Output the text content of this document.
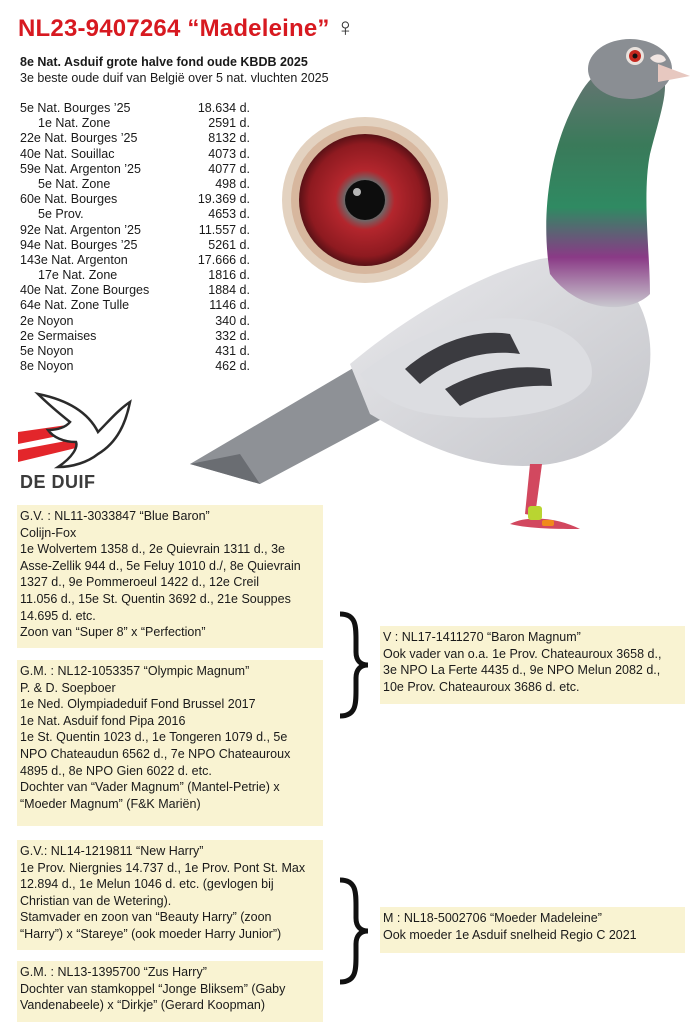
NL23-9407264 “Madeleine” ♀
8e Nat. Asduif grote halve fond oude KBDB 2025
3e beste oude duif van België over 5 nat. vluchten 2025
5e Nat. Bourges ’25	18.634 d.
1e Nat. Zone	2591 d.
22e Nat. Bourges ’25	8132 d.
40e Nat. Souillac	4073 d.
59e Nat. Argenton ’25	4077 d.
5e Nat. Zone	498 d.
60e Nat. Bourges	19.369 d.
5e Prov.	4653 d.
92e Nat. Argenton ’25	11.557 d.
94e Nat. Bourges ’25	5261 d.
143e Nat. Argenton	17.666 d.
17e Nat. Zone	1816 d.
40e Nat. Zone Bourges	1884 d.
64e Nat. Zone Tulle	1146 d.
2e Noyon	340 d.
2e Sermaises	332 d.
5e Noyon	431 d.
8e Noyon	462 d.
DE DUIF
G.V. : NL11-3033847 “Blue Baron”
Colijn-Fox
1e Wolvertem 1358 d., 2e Quievrain 1311 d., 3e
Asse-Zellik 944 d., 5e Feluy 1010 d./, 8e Quievrain
1327 d., 9e Pommeroeul 1422 d., 12e Creil
11.056 d., 15e St. Quentin 3692 d., 21e Souppes
14.695 d. etc.
Zoon van “Super 8” x “Perfection”
G.M. : NL12-1053357 “Olympic Magnum”
P. & D. Soepboer
1e Ned. Olympiadeduif Fond Brussel 2017
1e Nat. Asduif fond Pipa 2016
1e St. Quentin 1023 d., 1e Tongeren 1079 d., 5e
NPO Chateaudun 6562 d., 7e NPO Chateauroux
4895 d., 8e NPO Gien 6022 d. etc.
Dochter van “Vader Magnum” (Mantel-Petrie) x
“Moeder Magnum” (F&K Mariën)
G.V.: NL14-1219811 “New Harry”
1e Prov. Niergnies 14.737 d., 1e Prov. Pont St. Max
12.894 d., 1e Melun 1046 d. etc. (gevlogen bij
Christian van de Wetering).
Stamvader en zoon van “Beauty Harry” (zoon
“Harry”) x “Stareye” (ook moeder Harry Junior”)
G.M. : NL13-1395700 “Zus Harry”
Dochter van stamkoppel “Jonge Bliksem” (Gaby
Vandenabeele) x “Dirkje” (Gerard Koopman)
V : NL17-1411270 “Baron Magnum”
Ook vader van o.a. 1e Prov. Chateauroux 3658 d.,
3e NPO La Ferte 4435 d., 9e NPO Melun 2082 d.,
10e Prov. Chateauroux 3686 d. etc.
M : NL18-5002706 “Moeder Madeleine”
Ook moeder 1e Asduif snelheid Regio C 2021
